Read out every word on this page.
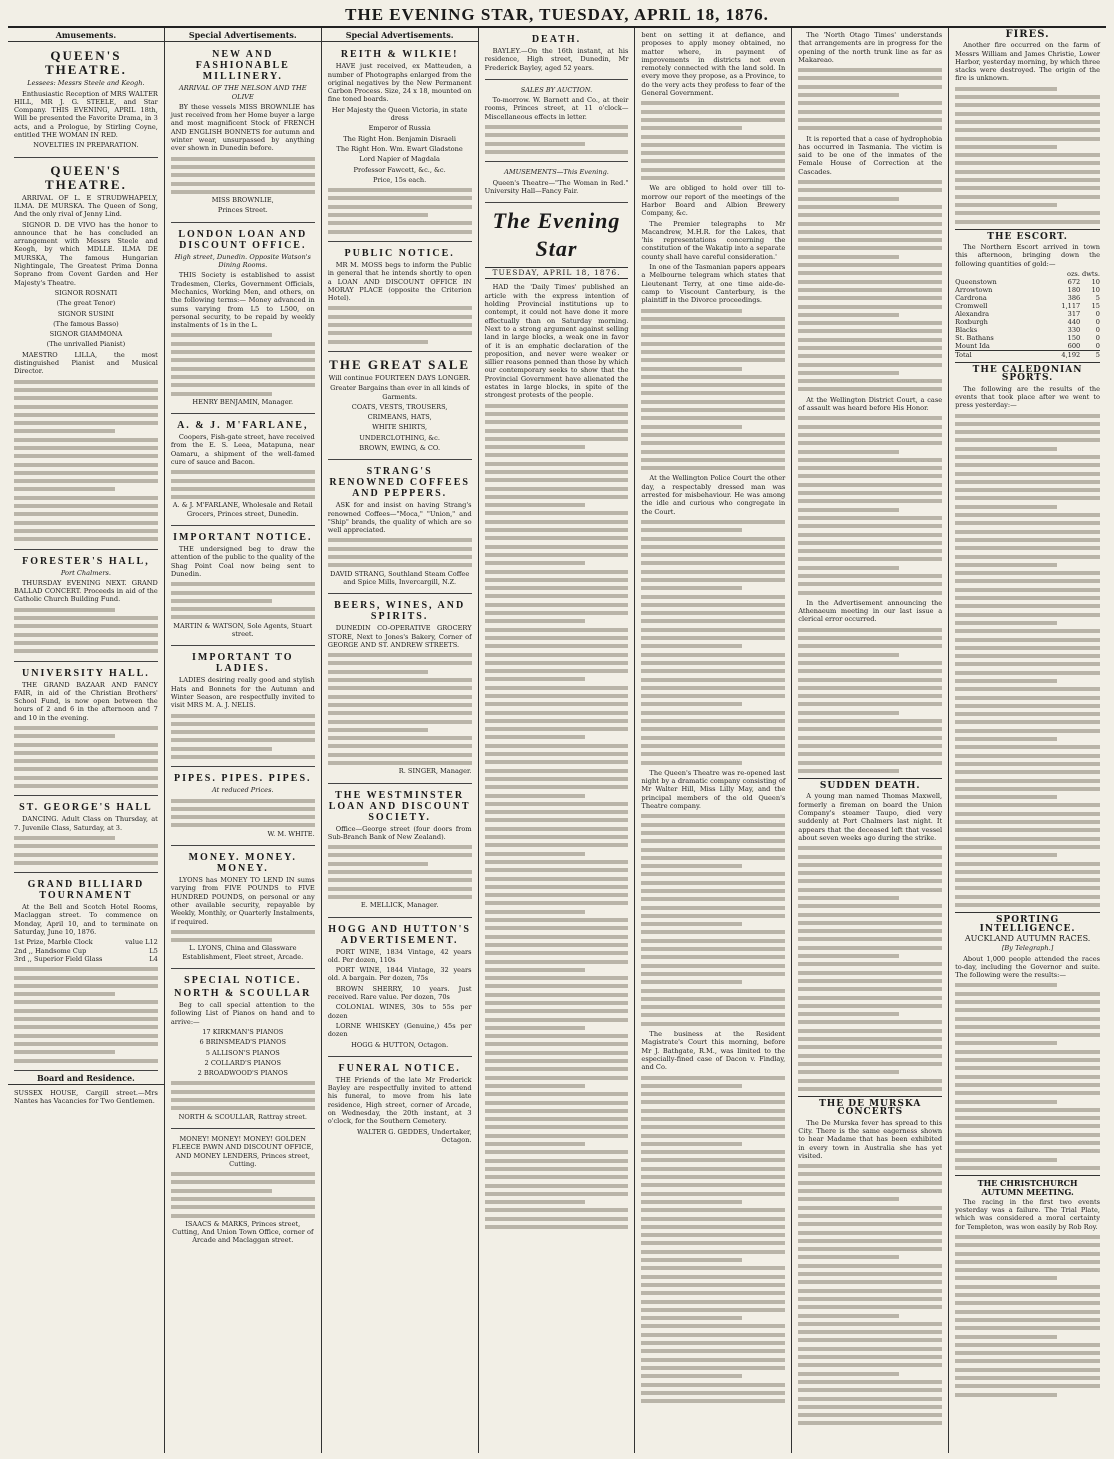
THE EVENING STAR, TUESDAY, APRIL 18, 1876.
Amusements.
QUEEN'S THEATRE.
Lessees: Messrs Steele and Keogh.

Enthusiastic Reception of MRS WALTER HILL, MR J. G. STEELE, and Star Company. THIS EVENING, APRIL 18th, Will be presented the Favorite Drama, in 3 acts, and a Prologue, by Stirling Coyne, entitled THE WOMAN IN RED.

NOVELTIES IN PREPARATION.

QUEEN'S THEATRE.

ARRIVAL OF L. E STRUDWHAPELY, ILMA. DE MURSKA. The Queen of Song, And the only rival of Jenny Lind.

SIGNOR D. DE VIVO has the honor to announce that he has concluded an arrangement with Messrs Steele and Keogh, by which MDLLE. ILMA DE MURSKA, The famous Hungarian Nightingale, The Greatest Prima Donna Soprano from Covent Garden and Her Majesty's Theatre.

SIGNOR ROSNATI

(The great Tenor)

SIGNOR SUSINI

(The famous Basso)

SIGNOR GIAMMONA

(The unrivalled Pianist)

MAESTRO LILLA, the most distinguished Pianist and Musical Director.

FORESTER'S HALL,
Port Chalmers.

THURSDAY EVENING NEXT. GRAND BALLAD CONCERT. Proceeds in aid of the Catholic Church Building Fund.

UNIVERSITY HALL.

THE GRAND BAZAAR AND FANCY FAIR, in aid of the Christian Brothers' School Fund, is now open between the hours of 2 and 6 in the afternoon and 7 and 10 in the evening.

ST. GEORGE'S HALL

DANCING. Adult Class on Thursday, at 7. Juvenile Class, Saturday, at 3.

GRAND BILLIARD TOURNAMENT

At the Bell and Scotch Hotel Rooms, Maclaggan street. To commence on Monday, April 10, and to terminate on Saturday, June 10, 1876.

1st Prize, Marble Clock	value L12
2nd ,, Handsome Cup	L5
3rd ,, Superior Field Glass	L4
Board and Residence.

SUSSEX HOUSE, Cargill street.—Mrs Nantes has Vacancies for Two Gentlemen.

Special Advertisements.
NEW AND FASHIONABLE MILLINERY.
ARRIVAL OF THE NELSON AND THE OLIVE

BY these vessels MISS BROWNLIE has just received from her Home buyer a large and most magnificent Stock of FRENCH AND ENGLISH BONNETS for autumn and winter wear, unsurpassed by anything ever shown in Dunedin before.

MISS BROWNLIE,

Princes Street.

LONDON LOAN AND DISCOUNT OFFICE.
High street, Dunedin. Opposite Watson's Dining Rooms.

THIS Society is established to assist Tradesmen, Clerks, Government Officials, Mechanics, Working Men, and others, on the following terms:— Money advanced in sums varying from L5 to L500, on personal security, to be repaid by weekly instalments of 1s in the L.

HENRY BENJAMIN, Manager.

A. & J. M'FARLANE,

Coopers, Fish-gate street, have received from the E. S. Leea, Matapuna, near Oamaru, a shipment of the well-famed cure of sauce and Bacon.

A. & J. M'FARLANE, Wholesale and Retail Grocers, Princes street, Dunedin.

IMPORTANT NOTICE.

THE undersigned beg to draw the attention of the public to the quality of the Shag Point Coal now being sent to Dunedin.

MARTIN & WATSON, Sole Agents, Stuart street.

IMPORTANT TO LADIES.

LADIES desiring really good and stylish Hats and Bonnets for the Autumn and Winter Season, are respectfully invited to visit MRS M. A. J. NELIS.

PIPES. PIPES. PIPES.
At reduced Prices.

W. M. WHITE.

MONEY. MONEY. MONEY.

LYONS has MONEY TO LEND IN sums varying from FIVE POUNDS to FIVE HUNDRED POUNDS, on personal or any other available security, repayable by Weekly, Monthly, or Quarterly Instalments, if required.

L. LYONS, China and Glassware Establishment, Fleet street, Arcade.

SPECIAL NOTICE.
NORTH & SCOULLAR

Beg to call special attention to the following List of Pianos on hand and to arrive:—

17 KIRKMAN'S PIANOS

6 BRINSMEAD'S PIANOS

5 ALLISON'S PIANOS

2 COLLARD'S PIANOS

2 BROADWOOD'S PIANOS

NORTH & SCOULLAR, Rattray street.

MONEY! MONEY! MONEY! GOLDEN FLEECE PAWN AND DISCOUNT OFFICE, AND MONEY LENDERS, Princes street, Cutting.

ISAACS & MARKS, Princes street, Cutting, And Union Town Office, corner of Arcade and Maclaggan street.

Special Advertisements.
REITH & WILKIE!

HAVE just received, ex Matteuden, a number of Photographs enlarged from the original negatives by the New Permanent Carbon Process. Size, 24 x 18, mounted on fine toned boards.

Her Majesty the Queen Victoria, in state dress

Emperor of Russia

The Right Hon. Benjamin Disraeli

The Right Hon. Wm. Ewart Gladstone

Lord Napier of Magdala

Professor Fawcett, &c., &c.

Price, 15s each.

PUBLIC NOTICE.

MR M. MOSS begs to inform the Public in general that he intends shortly to open a LOAN AND DISCOUNT OFFICE IN MORAY PLACE (opposite the Criterion Hotel).

THE GREAT SALE

Will continue FOURTEEN DAYS LONGER.

Greater Bargains than ever in all kinds of Garments.

COATS, VESTS, TROUSERS,

CRIMEANS, HATS,

WHITE SHIRTS,

UNDERCLOTHING, &c.

BROWN, EWING, & CO.

STRANG'S RENOWNED COFFEES AND PEPPERS.

ASK for and insist on having Strang's renowned Coffees—"Moca," "Union," and "Ship" brands, the quality of which are so well appreciated.

DAVID STRANG, Southland Steam Coffee and Spice Mills, Invercargill, N.Z.

BEERS, WINES, AND SPIRITS.

DUNEDIN CO-OPERATIVE GROCERY STORE, Next to Jones's Bakery, Corner of GEORGE AND ST. ANDREW STREETS.

R. SINGER, Manager.

THE WESTMINSTER LOAN AND DISCOUNT SOCIETY.

Office—George street (four doors from Sub-Branch Bank of New Zealand).

E. MELLICK, Manager.

HOGG AND HUTTON'S ADVERTISEMENT.

PORT WINE, 1834 Vintage, 42 years old. Per dozen, 110s

PORT WINE, 1844 Vintage, 32 years old. A bargain. Per dozen, 75s

BROWN SHERRY, 10 years. Just received. Rare value. Per dozen, 70s

COLONIAL WINES, 30s to 55s per dozen

LORNE WHISKEY (Genuine,) 45s per dozen

HOGG & HUTTON, Octagon.

FUNERAL NOTICE.

THE Friends of the late Mr Frederick Bayley are respectfully invited to attend his funeral, to move from his late residence, High street, corner of Arcade, on Wednesday, the 20th instant, at 3 o'clock, for the Southern Cemetery.

WALTER G. GEDDES, Undertaker, Octagon.

DEATH.

BAYLEY.—On the 16th instant, at his residence, High street, Dunedin, Mr Frederick Bayley, aged 52 years.

SALES BY AUCTION.

To-morrow. W. Barnett and Co., at their rooms, Princes street, at 11 o'clock—Miscellaneous effects in letter.

AMUSEMENTS—This Evening.

Queen's Theatre—"The Woman in Red." University Hall—Fancy Fair.

The Evening Star
TUESDAY, APRIL 18, 1876.

HAD the 'Daily Times' published an article with the express intention of holding Provincial institutions up to contempt, it could not have done it more effectually than on Saturday morning. Next to a strong argument against selling land in large blocks, a weak one in favor of it is an emphatic declaration of the proposition, and never were weaker or sillier reasons penned than those by which our contemporary seeks to show that the Provincial Government have alienated the estates in large blocks, in spite of the strongest protests of the people.

bent on setting it at defiance, and proposes to apply money obtained, no matter where, in payment of improvements in districts not even remotely connected with the land sold. In every move they propose, as a Province, to do the very acts they profess to fear of the General Government.

We are obliged to hold over till to-morrow our report of the meetings of the Harbor Board and Albion Brewery Company, &c.

The Premier telegraphs to Mr Macandrew, M.H.R. for the Lakes, that 'his representations concerning the constitution of the Wakatip into a separate county shall have careful consideration.'

In one of the Tasmanian papers appears a Melbourne telegram which states that Lieutenant Terry, at one time aide-de-camp to Viscount Canterbury, is the plaintiff in the Divorce proceedings.

At the Wellington Police Court the other day, a respectably dressed man was arrested for misbehaviour. He was among the idle and curious who congregate in the Court.

The Queen's Theatre was re-opened last night by a dramatic company consisting of Mr Walter Hill, Miss Lilly May, and the principal members of the old Queen's Theatre company.

The business at the Resident Magistrate's Court this morning, before Mr J. Bathgate, R.M., was limited to the especially-fined case of Dacon v. Findlay, and Co.

The 'North Otago Times' understands that arrangements are in progress for the opening of the north trunk line as far as Makareao.

It is reported that a case of hydrophobia has occurred in Tasmania. The victim is said to be one of the inmates of the Female House of Correction at the Cascades.

At the Wellington District Court, a case of assault was heard before His Honor.

In the Advertisement announcing the Athenaeum meeting in our last issue a clerical error occurred.

SUDDEN DEATH.

A young man named Thomas Maxwell, formerly a fireman on board the Union Company's steamer Taupo, died very suddenly at Port Chalmers last night. It appears that the deceased left that vessel about seven weeks ago during the strike.

THE DE MURSKA CONCERTS

The De Murska fever has spread to this City. There is the same eagerness shown to hear Madame that has been exhibited in every town in Australia she has yet visited.

FIRES.

Another fire occurred on the farm of Messrs William and James Christie, Lower Harbor, yesterday morning, by which three stacks were destroyed. The origin of the fire is unknown.

THE ESCORT.

The Northern Escort arrived in town this afternoon, bringing down the following quantities of gold:—

	ozs. dwts.	
Queenstown	672	10
Arrowtown	180	10
Cardrona	386	5
Cromwell	1,117	15
Alexandra	317	0
Roxburgh	440	0
Blacks	330	0
St. Bathans	150	0
Mount Ida	600	0
Total	4,192	5
THE CALEDONIAN SPORTS.

The following are the results of the events that took place after we went to press yesterday:—

SPORTING INTELLIGENCE.
AUCKLAND AUTUMN RACES.
[By Telegraph.]

About 1,000 people attended the races to-day, including the Governor and suite. The following were the results:—

THE CHRISTCHURCH AUTUMN MEETING.

The racing in the first two events yesterday was a failure. The Trial Plate, which was considered a moral certainty for Templeton, was won easily by Rob Roy.
